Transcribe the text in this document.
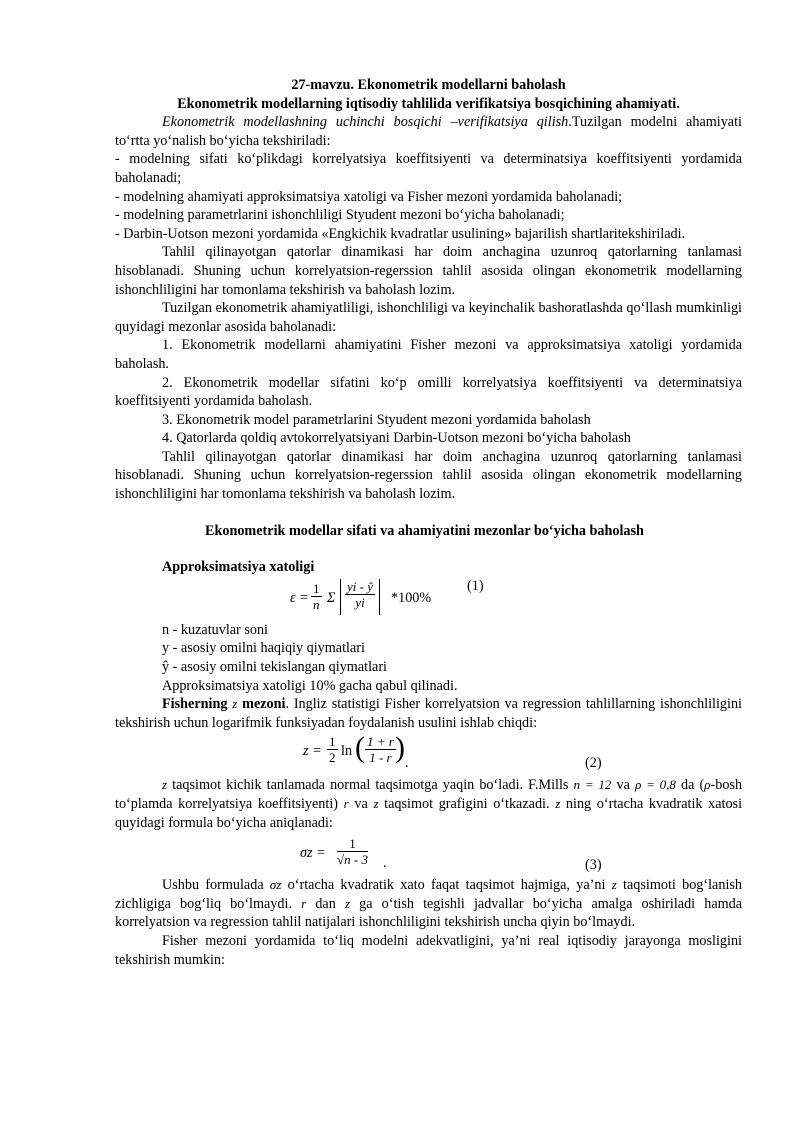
27-mavzu. Ekonometrik modellarni baholash

Ekonometrik modellarning iqtisodiy tahlilida verifikatsiya bosqichining ahamiyati.

Ekonometrik modellashning uchinchi bosqichi –verifikatsiya qilish.Tuzilgan modelni ahamiyati to‘rtta yo‘nalish bo‘yicha tekshiriladi:

- modelning sifati ko‘plikdagi korrelyatsiya koeffitsiyenti va determinatsiya koeffitsiyenti yordamida baholanadi;

- modelning ahamiyati approksimatsiya xatoligi va Fisher mezoni yordamida baholanadi;

- modelning parametrlarini ishonchliligi Styudent mezoni bo‘yicha baholanadi;

- Darbin-Uotson mezoni yordamida «Engkichik kvadratlar usulining» bajarilish shartlaritekshiriladi.

Tahlil qilinayotgan qatorlar dinamikasi har doim anchagina uzunroq qatorlarning tanlamasi hisoblanadi. Shuning uchun korrelyatsion-regerssion tahlil asosida olingan ekonometrik modellarning ishonchliligini har tomonlama tekshirish va baholash lozim.

Tuzilgan ekonometrik ahamiyatliligi, ishonchliligi va keyinchalik bashoratlashda qo‘llash mumkinligi quyidagi mezonlar asosida baholanadi:

1. Ekonometrik modellarni ahamiyatini Fisher mezoni va approksimatsiya xatoligi yordamida baholash.

2. Ekonometrik modellar sifatini ko‘p omilli korrelyatsiya koeffitsiyenti va determinatsiya koeffitsiyenti yordamida baholash.

3. Ekonometrik model parametrlarini Styudent mezoni yordamida baholash

4. Qatorlarda qoldiq avtokorrelyatsiyani Darbin-Uotson mezoni bo‘yicha baholash

Tahlil qilinayotgan qatorlar dinamikasi har doim anchagina uzunroq qatorlarning tanlamasi hisoblanadi. Shuning uchun korrelyatsion-regerssion tahlil asosida olingan ekonometrik modellarning ishonchliligini har tomonlama tekshirish va baholash lozim.

Ekonometrik modellar sifati va ahamiyatini mezonlar bo‘yicha baholash

Approksimatsiya xatoligi

$\varepsilon = \frac{1}{n}$ Σ $\frac{yi - ŷ}{yi} *100\%$
(1)

n - kuzatuvlar soni

y - asosiy omilni haqiqiy qiymatlari

ŷ - asosiy omilni tekislangan qiymatlari

Approksimatsiya xatoligi 10% gacha qabul qilinadi.

Fisherning z mezoni. Ingliz statistigi Fisher korrelyatsion va regression tahlillarning ishonchliligini tekshirish uchun logarifmik funksiyadan foydalanish usulini ishlab chiqdi:

$z = \frac{1}{2}$ ln ( $\frac{1 + r}{1 - r}$ ) .	(2)

z taqsimot kichik tanlamada normal taqsimotga yaqin bo‘ladi. F.Mills n = 12 va ρ = 0,8 da (ρ-bosh to‘plamda korrelyatsiya koeffitsiyenti) r va z taqsimot grafigini o‘tkazadi. z ning o‘rtacha kvadratik xatosi quyidagi formula bo‘yicha aniqlanadi:

$\sigma z = \frac{1}{√n - 3}$ .	(3)

Ushbu formulada σz o‘rtacha kvadratik xato faqat taqsimot hajmiga, ya’ni z taqsimoti bog‘lanish zichligiga bog‘liq bo‘lmaydi. r dan z ga o‘tish tegishli jadvallar bo‘yicha amalga oshiriladi hamda korrelyatsion va regression tahlil natijalari ishonchliligini tekshirish uncha qiyin bo‘lmaydi.

Fisher mezoni yordamida to‘liq modelni adekvatligini, ya’ni real iqtisodiy jarayonga mosligini tekshirish mumkin:
